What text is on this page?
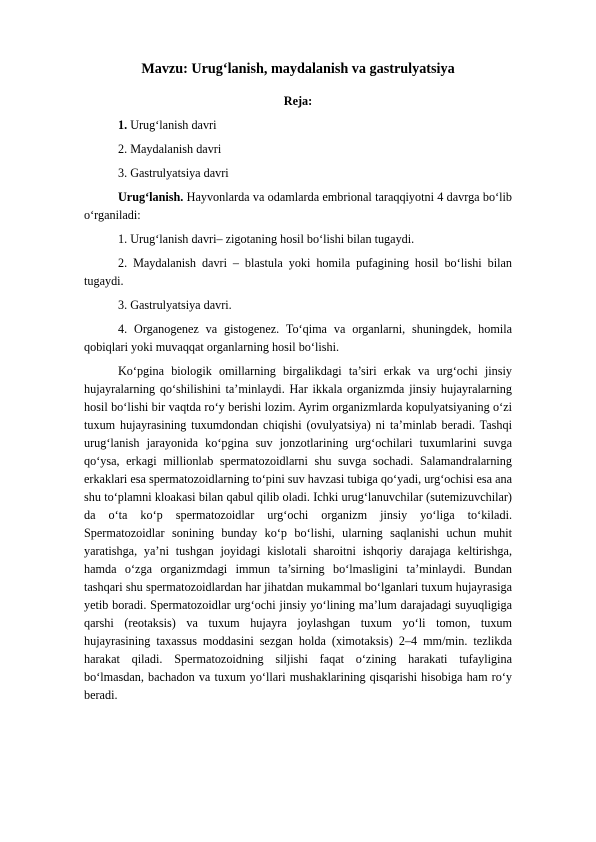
Mavzu: Urug‘lanish, maydalanish va gastrulyatsiya
Reja:
1. Urug‘lanish davri
2. Maydalanish davri
3. Gastrulyatsiya davri

Urug‘lanish. Hayvonlarda va odamlarda embrional taraqqiyotni 4 davrga bo‘lib o‘rganiladi:

1. Urug‘lanish davri– zigotaning hosil bo‘lishi bilan tugaydi.

2. Maydalanish davri – blastula yoki homila pufagining hosil bo‘lishi bilan tugaydi.

3. Gastrulyatsiya davri.

4. Organogenez va gistogenez. To‘qima va organlarni, shuningdek, homila qobiqlari yoki muvaqqat organlarning hosil bo‘lishi.

Ko‘pgina biologik omillarning birgalikdagi ta’siri erkak va urg‘ochi jinsiy hujayralarning qo‘shilishini ta’minlaydi. Har ikkala organizmda jinsiy hujayralarning hosil bo‘lishi bir vaqtda ro‘y berishi lozim. Ayrim organizmlarda kopulyatsiyaning o‘zi tuxum hujayrasining tuxumdondan chiqishi (ovulyatsiya) ni ta’minlab beradi. Tashqi urug‘lanish jarayonida ko‘pgina suv jonzotlarining urg‘ochilari tuxumlarini suvga qo‘ysa, erkagi millionlab spermatozoidlarni shu suvga sochadi. Salamandralarning erkaklari esa spermatozoidlarning to‘pini suv havzasi tubiga qo‘yadi, urg‘ochisi esa ana shu to‘plamni kloakasi bilan qabul qilib oladi. Ichki urug‘lanuvchilar (sutemizuvchilar) da o‘ta ko‘p spermatozoidlar urg‘ochi organizm jinsiy yo‘liga to‘kiladi. Spermatozoidlar sonining bunday ko‘p bo‘lishi, ularning saqlanishi uchun muhit yaratishga, ya’ni tushgan joyidagi kislotali sharoitni ishqoriy darajaga keltirishga, hamda o‘zga organizmdagi immun ta’sirning bo‘lmasligini ta’minlaydi. Bundan tashqari shu spermatozoidlardan har jihatdan mukammal bo‘lganlari tuxum hujayrasiga yetib boradi. Spermatozoidlar urg‘ochi jinsiy yo‘lining ma’lum darajadagi suyuqligiga qarshi (reotaksis) va tuxum hujayra joylashgan tuxum yo‘li tomon, tuxum hujayrasining taxassus moddasini sezgan holda (ximotaksis) 2–4 mm/min. tezlikda harakat qiladi. Spermatozoidning siljishi faqat o‘zining harakati tufayligina bo‘lmasdan, bachadon va tuxum yo‘llari mushaklarining qisqarishi hisobiga ham ro‘y beradi.
